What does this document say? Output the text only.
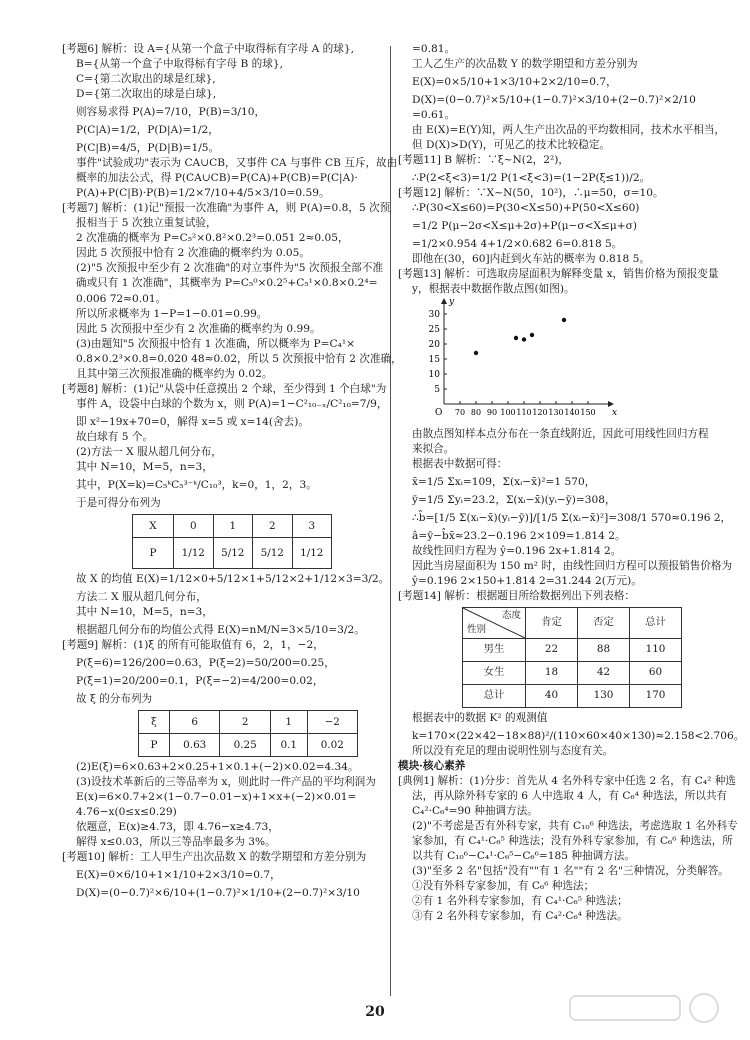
[考题6] 解析：设 A={从第一个盒子中取得标有字母 A 的球},
B={从第一个盒子中取得标有字母 B 的球},
C={第二次取出的球是红球},
D={第二次取出的球是白球},
则容易求得 P(A)=7/10，P(B)=3/10，
P(C|A)=1/2，P(D|A)=1/2，
P(C|B)=4/5，P(D|B)=1/5。
事件"试验成功"表示为 CA∪CB，又事件 CA 与事件 CB 互斥，故由
概率的加法公式，得 P(CA∪CB)=P(CA)+P(CB)=P(C|A)·
P(A)+P(C|B)·P(B)=1/2×7/10+4/5×3/10=0.59。
[考题7] 解析：(1)记"预报一次准确"为事件 A，则 P(A)=0.8，5 次预
报相当于 5 次独立重复试验，
2 次准确的概率为 P=C₅²×0.8²×0.2³=0.051 2≈0.05，
因此 5 次预报中恰有 2 次准确的概率约为 0.05。
(2)"5 次预报中至少有 2 次准确"的对立事件为"5 次预报全部不准
确或只有 1 次准确"，其概率为 P=C₅⁰×0.2⁵+C₅¹×0.8×0.2⁴=
0.006 72≈0.01。
所以所求概率为 1−P=1−0.01=0.99。
因此 5 次预报中至少有 2 次准确的概率约为 0.99。
(3)由题知"5 次预报中恰有 1 次准确，所以概率为 P=C₄¹×
0.8×0.2³×0.8=0.020 48≈0.02，所以 5 次预报中恰有 2 次准确，
且其中第三次预报准确的概率约为 0.02。
[考题8] 解析：(1)记"从袋中任意摸出 2 个球，至少得到 1 个白球"为
事件 A，设袋中白球的个数为 x，则 P(A)=1−C²₁₀₋ₓ/C²₁₀=7/9，
即 x²−19x+70=0，解得 x=5 或 x=14(舍去)。
故白球有 5 个。
(2)方法一 X 服从超几何分布，
其中 N=10，M=5，n=3，
其中，P(X=k)=C₅ᵏC₅³⁻ᵏ/C₁₀³，k=0，1，2，3。
于是可得分布列为
X	0	1	2	3
P	1/12	5/12	5/12	1/12
故 X 的均值 E(X)=1/12×0+5/12×1+5/12×2+1/12×3=3/2。
方法二 X 服从超几何分布，
其中 N=10，M=5，n=3，
根据超几何分布的均值公式得 E(X)=nM/N=3×5/10=3/2。
[考题9] 解析：(1)ξ 的所有可能取值有 6，2，1，−2，
P(ξ=6)=126/200=0.63，P(ξ=2)=50/200=0.25，
P(ξ=1)=20/200=0.1，P(ξ=−2)=4/200=0.02，
故 ξ 的分布列为
ξ	6	2	1	−2
P	0.63	0.25	0.1	0.02
(2)E(ξ)=6×0.63+2×0.25+1×0.1+(−2)×0.02=4.34。
(3)设技术革新后的三等品率为 x，则此时一件产品的平均利润为
E(x)=6×0.7+2×(1−0.7−0.01−x)+1×x+(−2)×0.01=
4.76−x(0≤x≤0.29)
依题意，E(x)≥4.73，即 4.76−x≥4.73，
解得 x≤0.03，所以三等品率最多为 3%。
[考题10] 解析：工人甲生产出次品数 X 的数学期望和方差分别为
E(X)=0×6/10+1×1/10+2×3/10=0.7，
D(X)=(0−0.7)²×6/10+(1−0.7)²×1/10+(2−0.7)²×3/10
=0.81。
工人乙生产的次品数 Y 的数学期望和方差分别为
E(X)=0×5/10+1×3/10+2×2/10=0.7，
D(X)=(0−0.7)²×5/10+(1−0.7)²×3/10+(2−0.7)²×2/10
=0.61。
由 E(X)=E(Y)知，两人生产出次品的平均数相同，技术水平相当，
但 D(X)>D(Y)，可见乙的技术比较稳定。
[考题11] B 解析：∵ξ~N(2，2²)，
∴P(2<ξ<3)=1/2 P(1<ξ<3)=(1−2P(ξ≤1))/2。
[考题12] 解析：∵X~N(50，10²)，∴μ=50，σ=10。
∴P(30<X≤60)=P(30<X≤50)+P(50<X≤60)
=1/2 P(μ−2σ<X≤μ+2σ)+P(μ−σ<X≤μ+σ)
=1/2×0.954 4+1/2×0.682 6=0.818 5。
即他在(30，60]内赶到火车站的概率为 0.818 5。
[考题13] 解析：可选取房屋面积为解释变量 x，销售价格为预报变量
y，根据表中数据作散点图(如图)。
30
25
20
15
10
5
70 80 90 100 110 120 130 140 150
O	x
y
由散点图知样本点分布在一条直线附近，因此可用线性回归方程
来拟合。
根据表中数据可得：
x̄=1/5 Σxᵢ=109，Σ(xᵢ−x̄)²=1 570，
ȳ=1/5 Σyᵢ=23.2，Σ(xᵢ−x̄)(yᵢ−ȳ)=308，
∴b̂=[1/5 Σ(xᵢ−x̄)(yᵢ−ȳ)]/[1/5 Σ(xᵢ−x̄)²]=308/1 570≈0.196 2，
â=ȳ−b̂x̄≈23.2−0.196 2×109=1.814 2。
故线性回归方程为 ŷ=0.196 2x+1.814 2。
因此当房屋面积为 150 m² 时，由线性回归方程可以预报销售价格为
ŷ=0.196 2×150+1.814 2=31.244 2(万元)。
[考题14] 解析：根据题目所给数据列出下列表格：
态度
性别	肯定	否定	总计
男生	22	88	110
女生	18	42	60
总计	40	130	170
根据表中的数据 K² 的观测值
k=170×(22×42−18×88)²/(110×60×40×130)≈2.158<2.706。
所以没有充足的理由说明性别与态度有关。
模块·核心素养
[典例1] 解析：(1)分步：首先从 4 名外科专家中任选 2 名，有 C₄² 种选
法，再从除外科专家的 6 人中选取 4 人，有 C₆⁴ 种选法，所以共有
C₄²·C₆⁴=90 种抽调方法。
(2)"不考虑是否有外科专家，共有 C₁₀⁶ 种选法，考虑选取 1 名外科专
家参加，有 C₄¹·C₆⁵ 种选法；没有外科专家参加，有 C₆⁶ 种选法，所
以共有 C₁₀⁶−C₄¹·C₆⁵−C₆⁶=185 种抽调方法。
(3)"至多 2 名"包括"没有""有 1 名""有 2 名"三种情况，分类解答。
①没有外科专家参加，有 C₆⁶ 种选法；
②有 1 名外科专家参加，有 C₄¹·C₆⁵ 种选法；
③有 2 名外科专家参加，有 C₄²·C₆⁴ 种选法。
20
